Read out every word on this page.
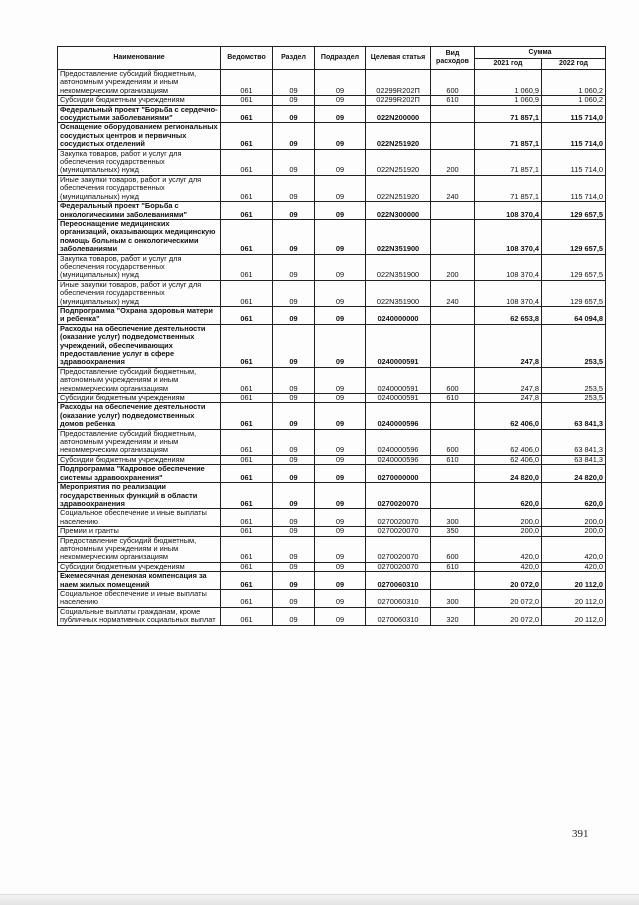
Наименование	Ведомство	Раздел	Подраздел	Целевая статья	Вид расходов	Сумма	
						2021 год	2022 год
Предоставление субсидий бюджетным, автономным учреждениям и иным некоммерческим организациям	061	09	09	02299R202П	600	1 060,9	1 060,2
Субсидии бюджетным учреждениям	061	09	09	02299R202П	610	1 060,9	1 060,2
Федеральный проект "Борьба с сердечно-сосудистыми заболеваниями"	061	09	09	022N200000		71 857,1	115 714,0
Оснащение оборудованием региональных сосудистых центров и первичных сосудистых отделений	061	09	09	022N251920		71 857,1	115 714,0
Закупка товаров, работ и услуг для обеспечения государственных (муниципальных) нужд	061	09	09	022N251920	200	71 857,1	115 714,0
Иные закупки товаров, работ и услуг для обеспечения государственных (муниципальных) нужд	061	09	09	022N251920	240	71 857,1	115 714,0
Федеральный проект "Борьба с онкологическими заболеваниями"	061	09	09	022N300000		108 370,4	129 657,5
Переоснащение медицинских организаций, оказывающих медицинскую помощь больным с онкологическими заболеваниями	061	09	09	022N351900		108 370,4	129 657,5
Закупка товаров, работ и услуг для обеспечения государственных (муниципальных) нужд	061	09	09	022N351900	200	108 370,4	129 657,5
Иные закупки товаров, работ и услуг для обеспечения государственных (муниципальных) нужд	061	09	09	022N351900	240	108 370,4	129 657,5
Подпрограмма "Охрана здоровья матери и ребенка"	061	09	09	0240000000		62 653,8	64 094,8
Расходы на обеспечение деятельности (оказание услуг) подведомственных учреждений, обеспечивающих предоставление услуг в сфере здравоохранения	061	09	09	0240000591		247,8	253,5
Предоставление субсидий бюджетным, автономным учреждениям и иным некоммерческим организациям	061	09	09	0240000591	600	247,8	253,5
Субсидии бюджетным учреждениям	061	09	09	0240000591	610	247,8	253,5
Расходы на обеспечение деятельности (оказание услуг) подведомственных домов ребенка	061	09	09	0240000596		62 406,0	63 841,3
Предоставление субсидий бюджетным, автономным учреждениям и иным некоммерческим организациям	061	09	09	0240000596	600	62 406,0	63 841,3
Субсидии бюджетным учреждениям	061	09	09	0240000596	610	62 406,0	63 841,3
Подпрограмма "Кадровое обеспечение системы здравоохранения"	061	09	09	0270000000		24 820,0	24 820,0
Мероприятия по реализации государственных функций в области здравоохранения	061	09	09	0270020070		620,0	620,0
Социальное обеспечение и иные выплаты населению	061	09	09	0270020070	300	200,0	200,0
Премии и гранты	061	09	09	0270020070	350	200,0	200,0
Предоставление субсидий бюджетным, автономным учреждениям и иным некоммерческим организациям	061	09	09	0270020070	600	420,0	420,0
Субсидии бюджетным учреждениям	061	09	09	0270020070	610	420,0	420,0
Ежемесячная денежная компенсация за наем жилых помещений	061	09	09	0270060310		20 072,0	20 112,0
Социальное обеспечение и иные выплаты населению	061	09	09	0270060310	300	20 072,0	20 112,0
Социальные выплаты гражданам, кроме публичных нормативных социальных выплат	061	09	09	0270060310	320	20 072,0	20 112,0
391
